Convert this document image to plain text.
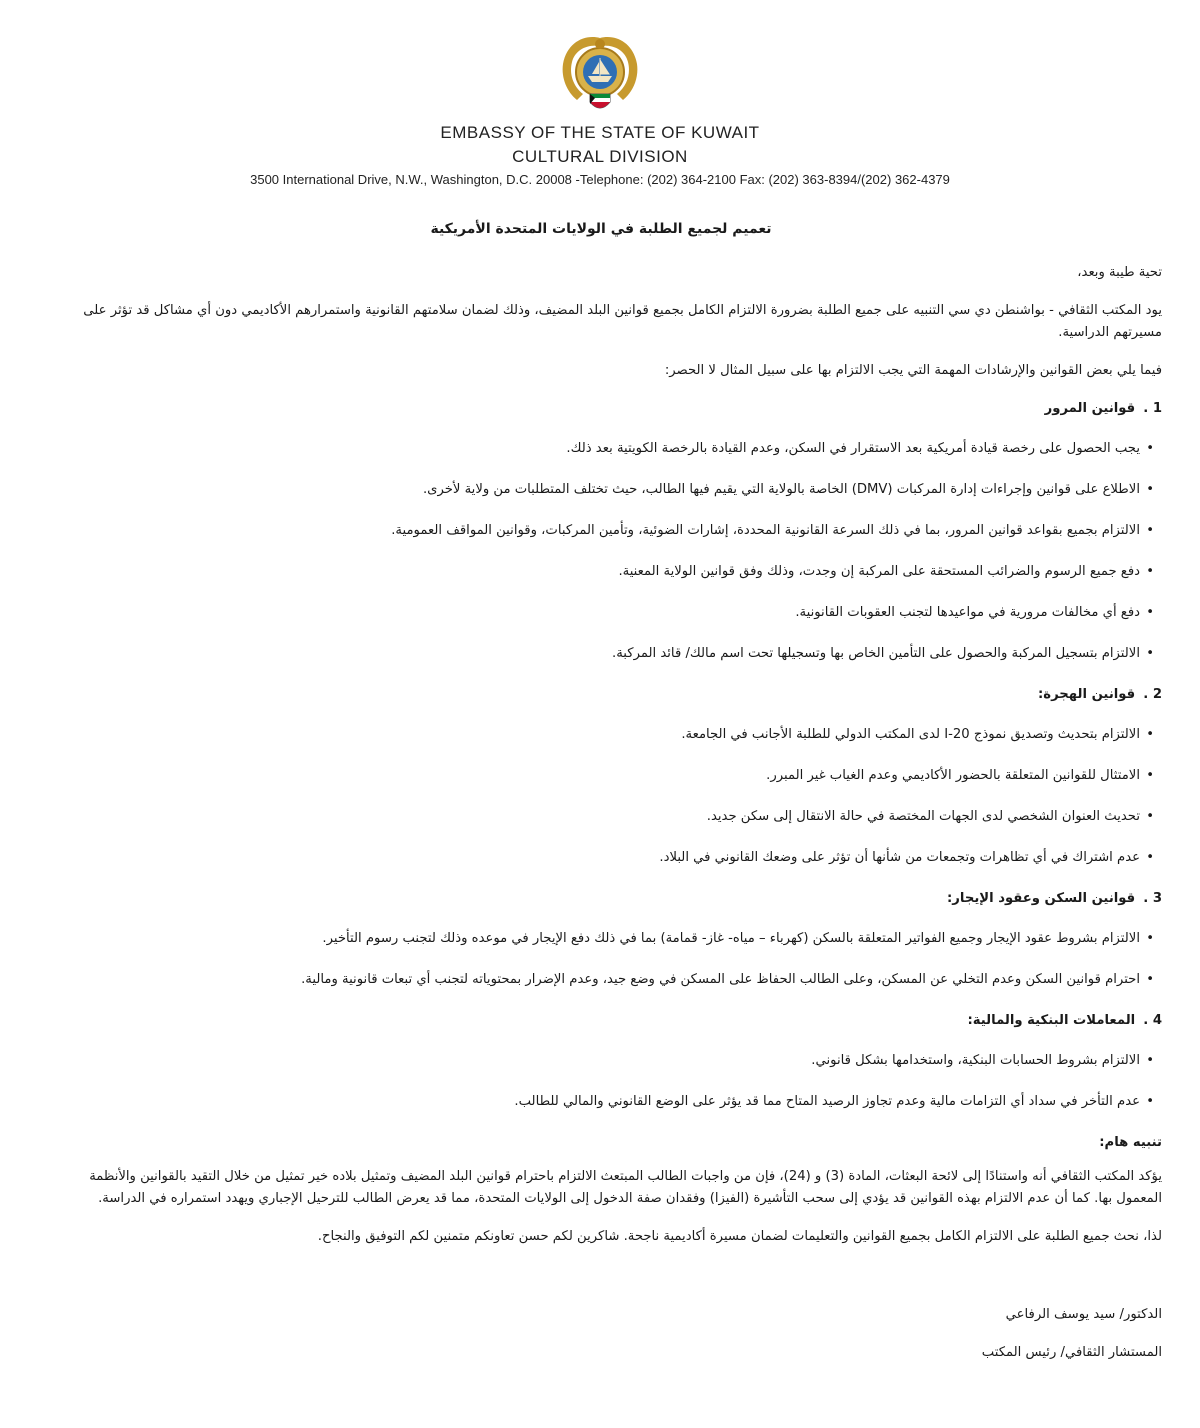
EMBASSY OF THE STATE OF KUWAIT
CULTURAL DIVISION
3500 International Drive, N.W., Washington, D.C. 20008 -Telephone: (202) 364-2100 Fax: (202) 363-8394/(202) 362-4379
تعميم لجميع الطلبة في الولايات المتحدة الأمريكية

تحية طيبة وبعد،

يود المكتب الثقافي - بواشنطن دي سي التنبيه على جميع الطلبة بضرورة الالتزام الكامل بجميع قوانين البلد المضيف، وذلك لضمان سلامتهم القانونية واستمرارهم الأكاديمي دون أي مشاكل قد تؤثر على مسيرتهم الدراسية.

فيما يلي بعض القوانين والإرشادات المهمة التي يجب الالتزام بها على سبيل المثال لا الحصر:

1 .قوانين المرور
• يجب الحصول على رخصة قيادة أمريكية بعد الاستقرار في السكن، وعدم القيادة بالرخصة الكويتية بعد ذلك.
• الاطلاع على قوانين وإجراءات إدارة المركبات (DMV) الخاصة بالولاية التي يقيم فيها الطالب، حيث تختلف المتطلبات من ولاية لأخرى.
• الالتزام بجميع بقواعد قوانين المرور، بما في ذلك السرعة القانونية المحددة، إشارات الضوئية، وتأمين المركبات، وقوانين المواقف العمومية.
• دفع جميع الرسوم والضرائب المستحقة على المركبة إن وجدت، وذلك وفق قوانين الولاية المعنية.
• دفع أي مخالفات مرورية في مواعيدها لتجنب العقوبات القانونية.
• الالتزام بتسجيل المركبة والحصول على التأمين الخاص بها وتسجيلها تحت اسم مالك/ قائد المركبة.
2 .قوانين الهجرة:
• الالتزام بتحديث وتصديق نموذج I-20 لدى المكتب الدولي للطلبة الأجانب في الجامعة.
• الامتثال للقوانين المتعلقة بالحضور الأكاديمي وعدم الغياب غير المبرر.
• تحديث العنوان الشخصي لدى الجهات المختصة في حالة الانتقال إلى سكن جديد.
• عدم اشتراك في أي تظاهرات وتجمعات من شأنها أن تؤثر على وضعك القانوني في البلاد.
3 .قوانين السكن وعقود الإيجار:
• الالتزام بشروط عقود الإيجار وجميع الفواتير المتعلقة بالسكن (كهرباء – مياه- غاز- قمامة) بما في ذلك دفع الإيجار في موعده وذلك لتجنب رسوم التأخير.
• احترام قوانين السكن وعدم التخلي عن المسكن، وعلى الطالب الحفاظ على المسكن في وضع جيد، وعدم الإضرار بمحتوياته لتجنب أي تبعات قانونية ومالية.
4 .المعاملات البنكية والمالية:
• الالتزام بشروط الحسابات البنكية، واستخدامها بشكل قانوني.
• عدم التأخر في سداد أي التزامات مالية وعدم تجاوز الرصيد المتاح مما قد يؤثر على الوضع القانوني والمالي للطالب.
تنبيه هام:

يؤكد المكتب الثقافي أنه واستنادًا إلى لائحة البعثات، المادة (3) و (24)، فإن من واجبات الطالب المبتعث الالتزام باحترام قوانين البلد المضيف وتمثيل بلاده خير تمثيل من خلال التقيد بالقوانين والأنظمة المعمول بها. كما أن عدم الالتزام بهذه القوانين قد يؤدي إلى سحب التأشيرة (الفيزا) وفقدان صفة الدخول إلى الولايات المتحدة، مما قد يعرض الطالب للترحيل الإجباري ويهدد استمراره في الدراسة.

لذا، نحث جميع الطلبة على الالتزام الكامل بجميع القوانين والتعليمات لضمان مسيرة أكاديمية ناجحة. شاكرين لكم حسن تعاونكم متمنين لكم التوفيق والنجاح.

الدكتور/ سيد يوسف الرفاعي
المستشار الثقافي/ رئيس المكتب
